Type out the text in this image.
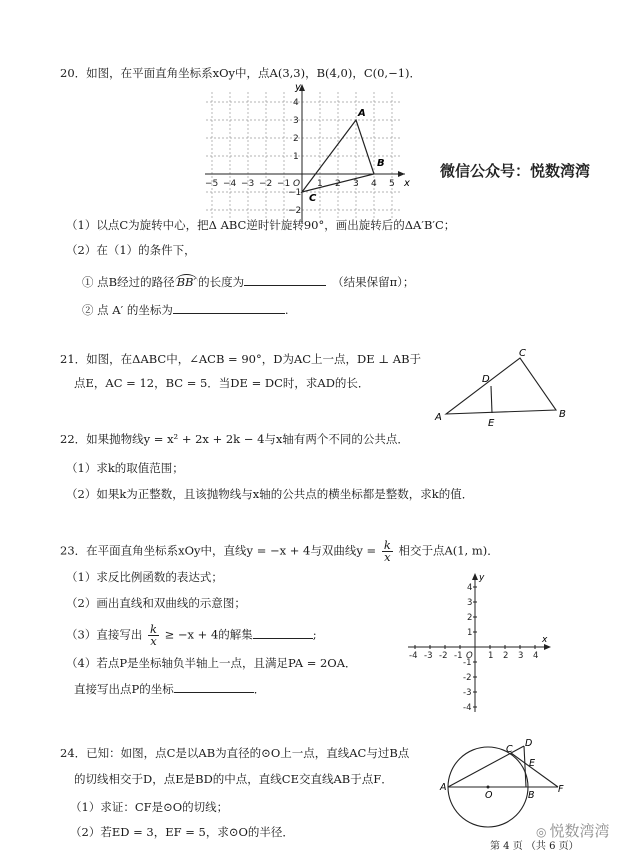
20．如图，在平面直角坐标系xOy中，点A(3,3)，B(4,0)，C(0,−1)．
x
y
−5 −4 −3 −2 −1 O 1 2 3 4 5
4
3
2
1
−1
−2
A
B
C
微信公众号：悦数湾湾
（1）以点C为旋转中心，把Δ ABC逆时针旋转90°，画出旋转后的ΔA′B′C；
（2）在（1）的条件下，
① 点B经过的路径 BB′ 的长度为	（结果保留π）；
② 点 A′ 的坐标为	.
21．如图，在ΔABC中，∠ACB = 90°，D为AC上一点，DE ⊥ AB于
点E，AC = 12，BC = 5．当DE = DC时，求AD的长．
A	B
C
D
E
22．如果抛物线y = x² + 2x + 2k − 4与x轴有两个不同的公共点．
（1）求k的取值范围；
（2）如果k为正整数，且该抛物线与x轴的公共点的横坐标都是整数，求k的值．
23．在平面直角坐标系xOy中，直线y = −x + 4与双曲线$y = \frac{k}{x}$ 相交于点A(1, m)．
（1）求反比例函数的表达式；
（2）画出直线和双曲线的示意图；
（3）直接写出 $\frac{k}{x} \ge -x + 4$的解集	;
（4）若点P是坐标轴负半轴上一点，且满足PA = 2OA．
直接写出点P的坐标	．
x
y
-4 -3 -2 -1 O 1 2 3 4
4
3
2
1
-1
-2
-3
-4
24．已知：如图，点C是以AB为直径的⊙O上一点，直线AC与过B点
的切线相交于D，点E是BD的中点，直线CE交直线AB于点F．
（1）求证：CF是⊙O的切线；
（2）若ED = 3，EF = 5，求⊙O的半径．
A
O	B
F
C
D
E
第 4 页 （共 6 页）
◎ 悦数湾湾
